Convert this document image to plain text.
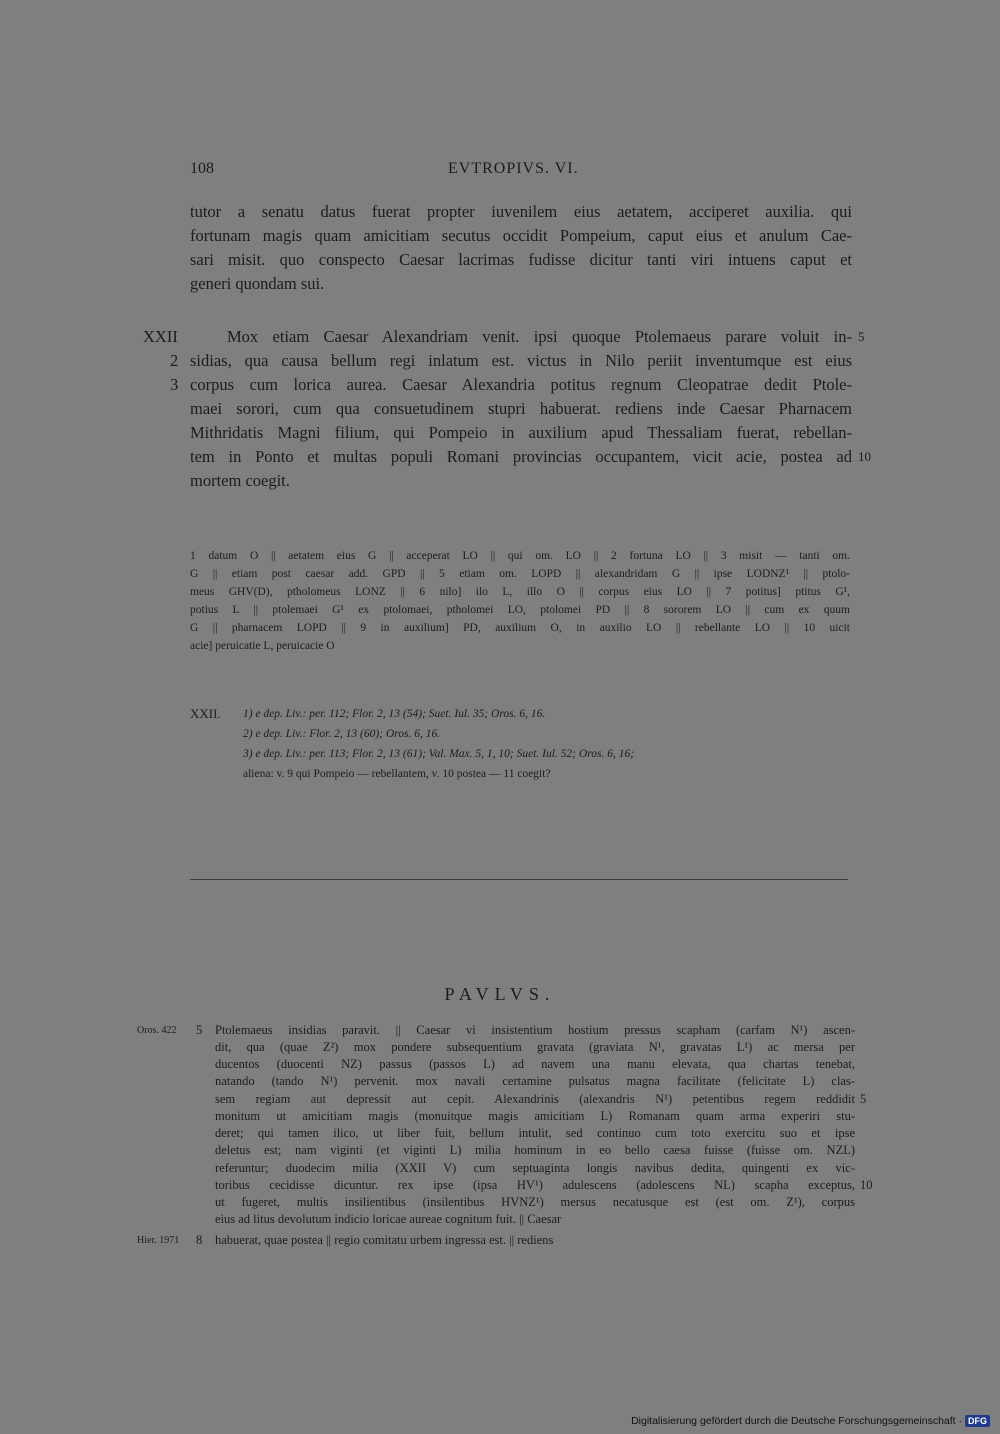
108	EVTROPIVS. VI.
tutor a senatu datus fuerat propter iuvenilem eius aetatem, acciperet auxilia. qui
fortunam magis quam amicitiam secutus occidit Pompeium, caput eius et anulum Cae-
sari misit. quo conspecto Caesar lacrimas fudisse dicitur tanti viri intuens caput et
generi quondam sui.
XXII
2
3
5
10
Mox etiam Caesar Alexandriam venit. ipsi quoque Ptolemaeus parare voluit in-
sidias, qua causa bellum regi inlatum est. victus in Nilo periit inventumque est eius
corpus cum lorica aurea. Caesar Alexandria potitus regnum Cleopatrae dedit Ptole-
maei sorori, cum qua consuetudinem stupri habuerat. rediens inde Caesar Pharnacem
Mithridatis Magni filium, qui Pompeio in auxilium apud Thessaliam fuerat, rebellan-
tem in Ponto et multas populi Romani provincias occupantem, vicit acie, postea ad
mortem coegit.
1 datum O || aetatem eius G || acceperat LO || qui om. LO || 2 fortuna LO || 3 misit — tanti om.
G || etiam post caesar add. GPD || 5 etiam om. LOPD || alexandridam G || ipse LODNZ¹ || ptolo-
meus GHV(D), ptholomeus LONZ || 6 nilo] ilo L, illo O || corpus eius LO || 7 potitus] ptitus G¹,
potius L || ptolemaei G¹ ex ptolomaei, ptholomei LO, ptolomei PD || 8 sororem LO || cum ex quum
G || pharnacem LOPD || 9 in auxilium] PD, auxilium O, in auxilio LO || rebellante LO || 10 uicit
acie] peruicatie L, peruicacie O
XXII. 1) e dep. Liv.: per. 112; Flor. 2, 13 (54); Suet. Iul. 35; Oros. 6, 16.
2) e dep. Liv.: Flor. 2, 13 (60); Oros. 6, 16.
3) e dep. Liv.: per. 113; Flor. 2, 13 (61); Val. Max. 5, 1, 10; Suet. Iul. 52; Oros. 6, 16;
aliena: v. 9 qui Pompeio — rebellantem, v. 10 postea — 11 coegit?
PAVLVS.
Oros. 422
Hier. 1971
5
8
5
10
Ptolemaeus insidias paravit. || Caesar vi insistentium hostium pressus scapham (carfam N¹) ascen-
dit, qua (quae Z²) mox pondere subsequentium gravata (graviata N¹, gravatas L¹) ac mersa per
ducentos (duocenti NZ) passus (passos L) ad navem una manu elevata, qua chartas tenebat,
natando (tando N¹) pervenit. mox navali certamine pulsatus magna facilitate (felicitate L) clas-
sem regiam aut depressit aut cepit. Alexandrinis (alexandris N¹) petentibus regem reddidit
monitum ut amicitiam magis (monuitque magis amicitiam L) Romanam quam arma experiri stu-
deret; qui tamen ilico, ut liber fuit, bellum intulit, sed continuo cum toto exercitu suo et ipse
deletus est; nam viginti (et viginti L) milia hominum in eo bello caesa fuisse (fuisse om. NZL)
referuntur; duodecim milia (XXII V) cum septuaginta longis navibus dedita, quingenti ex vic-
toribus cecidisse dicuntur. rex ipse (ipsa HV¹) adulescens (adolescens NL) scapha exceptus,
ut fugeret, multis insilientibus (insilentibus HVNZ¹) mersus necatusque est (est om. Z¹), corpus
eius ad litus devolutum indicio loricae aureae cognitum fuit. || Caesar
habuerat, quae postea || regio comitatu urbem ingressa est. || rediens
Digitalisierung gefördert durch die Deutsche Forschungsgemeinschaft · DFG
